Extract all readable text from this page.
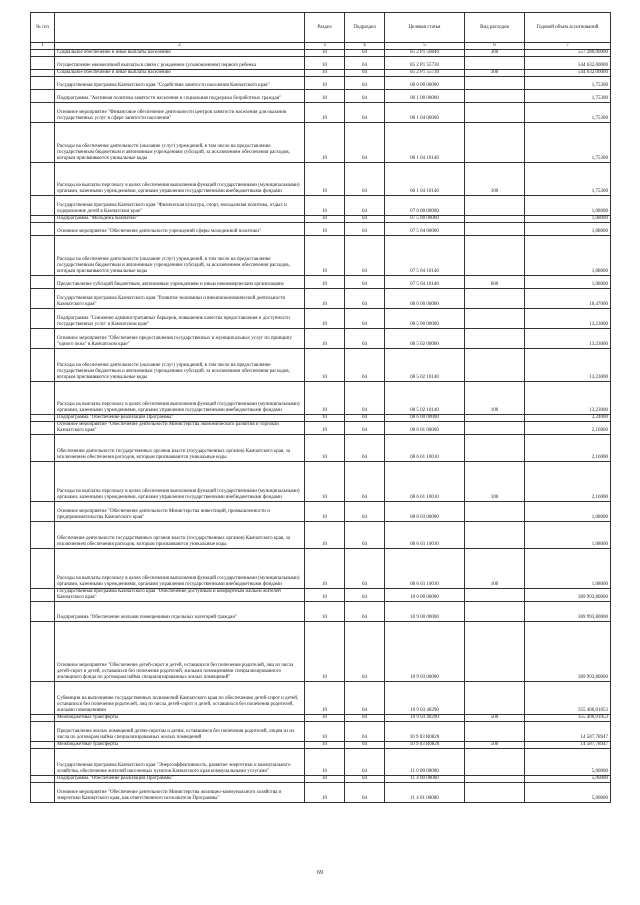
№ п/п		Раздел	Подраздел	Целевая статья	Вид расходов	Годовой объем ассигнований
1	2	3	4	5	6	7
	Социальное обеспечение и иные выплаты населению	10	04	05 2 Р1 50840	300	557 280,00000
	Осуществление ежемесячной выплаты в связи с рождением (усыновлением) первого ребенка	10	04	05 2 Р1 55730		544 632,00000
	Социальное обеспечение и иные выплаты населению	10	04	05 2 Р1 55730	300	544 632,00000
	Государственная программа Камчатского края "Содействие занятости населения Камчатского края"	10	04	06 0 00 00000		1,75300
	Подпрограмма "Активная политика занятости населения и социальная поддержка безработных граждан"	10	04	06 1 00 00000		1,75300
	Основное мероприятие "Финансовое обеспечение деятельности центров занятости населения для оказания государственных услуг в сфере занятости населения"	10	04	06 1 04 00000		1,75300
	Расходы на обеспечение деятельности (оказание услуг) учреждений, в том числе на предоставление государственным бюджетным и автономным учреждениям субсидий, за исключением обеспечения расходов, которым присваиваются уникальные коды	10	04	06 1 04 10140		1,75300
	Расходы на выплаты персоналу в целях обеспечения выполнения функций государственными (муниципальными) органами, казенными учреждениями, органами управления государственными внебюджетными фондами	10	04	06 1 04 10140	100	1,75300
	Государственная программа Камчатского края "Физическая культура, спорт, молодежная политика, отдых и оздоровление детей в Камчатском крае"	10	04	07 0 00 00000		1,08000
	Подпрограмма "Молодежь Камчатки"	10	04	07 5 00 00000		1,08000
	Основное мероприятие "Обеспечение деятельности учреждений сферы молодежной политики"	10	04	07 5 04 00000		1,08000
	Расходы на обеспечение деятельности (оказание услуг) учреждений, в том числе на предоставление государственным бюджетным и автономным учреждениям субсидий, за исключением обеспечения расходов, которым присваиваются уникальные коды	10	04	07 5 04 10140		1,08000
	Предоставление субсидий бюджетным, автономным учреждениям и иным некоммерческим организациям	10	04	07 5 04 10140	600	1,08000
	Государственная программа Камчатского края "Развитие экономики и внешнеэкономической деятельности Камчатского края"	10	04	08 0 00 00000		16,47000
	Подпрограмма "Снижение административных барьеров, повышение качества предоставления и доступности государственных услуг в Камчатском крае"	10	04	08 5 00 00000		13,23000
	Основное мероприятие "Обеспечение предоставления государственных и муниципальных услуг по принципу "одного окна" в Камчатском крае"	10	04	08 5 02 00000		13,23000
	Расходы на обеспечение деятельности (оказание услуг) учреждений, в том числе на предоставление государственным бюджетным и автономным учреждениям субсидий, за исключением обеспечения расходов, которым присваиваются уникальные коды	10	04	08 5 02 10140		13,23000
	Расходы на выплаты персоналу в целях обеспечения выполнения функций государственными (муниципальными) органами, казенными учреждениями, органами управления государственными внебюджетными фондами	10	04	08 5 02 10140	100	13,23000
	Подпрограмма "Обеспечение реализации Программы"	10	04	08 6 00 00000		3,24000
	Основное мероприятие "Обеспечение деятельности Министерства экономического развития и торговли Камчатского края"	10	04	08 6 01 00000		2,16000
	Обеспечение деятельности государственных органов власти (государственных органов) Камчатского края, за исключением обеспечения расходов, которым присваиваются уникальные коды	10	04	08 6 01 10010		2,16000
	Расходы на выплаты персоналу в целях обеспечения выполнения функций государственными (муниципальными) органами, казенными учреждениями, органами управления государственными внебюджетными фондами	10	04	08 6 01 10010	100	2,16000
	Основное мероприятие "Обеспечение деятельности Министерства инвестиций, промышленности и предпринимательства Камчатского края"	10	04	08 6 03 00000		1,08000
	Обеспечение деятельности государственных органов власти (государственных органов) Камчатского края, за исключением обеспечения расходов, которым присваиваются уникальные коды	10	04	08 6 03 10010		1,08000
	Расходы на выплаты персоналу в целях обеспечения выполнения функций государственными (муниципальными) органами, казенными учреждениями, органами управления государственными внебюджетными фондами	10	04	08 6 03 10010	100	1,08000
	Государственная программа Камчатского края "Обеспечение доступным и комфортным жильем жителей Камчатского края"	10	04	10 0 00 00000		369 993,80000
	Подпрограмма "Обеспечение жилыми помещениями отдельных категорий граждан"	10	04	10 9 00 00000		369 993,80000
	Основное мероприятие "Обеспечение детей-сирот и детей, оставшихся без попечения родителей, лиц из числа детей-сирот и детей, оставшихся без попечения родителей, жилыми помещениями специализированного жилищного фонда по договорам найма специализированных жилых помещений"	10	04	10 9 03 00000		369 993,80000
	Субвенции на выполнение государственных полномочий Камчатского края по обеспечению детей-сирот и детей, оставшихся без попечения родителей, лиц из числа детей-сирот и детей, оставшихся без попечения родителей, жилыми помещениями	10	04	10 9 03 40290		355 406,01053
	Межбюджетные трансферты	10	04	10 9 03 40290	500	355 406,01053
	Предоставление жилых помещений детям-сиротам и детям, оставшимся без попечения родителей, лицам из их числа по договорам найма специализированных жилых помещений	10	04	10 9 03 R0820		14 587,78947
	Межбюджетные трансферты	10	04	10 9 03 R0820	500	14 587,78947
	Государственная программа Камчатского края "Энергоэффективность, развитие энергетики и коммунального хозяйства, обеспечение жителей населенных пунктов Камчатского края коммунальными услугами"	10	04	11 0 00 00000		5,00000
	Подпрограмма "Обеспечение реализации Программы"	10	04	11 4 00 00000		5,00000
	Основное мероприятие "Обеспечение деятельности Министерства жилищно-коммунального хозяйства и энергетики Камчатского края, как ответственного исполнителя Программы"	10	04	11 4 01 00000		5,00000
69
